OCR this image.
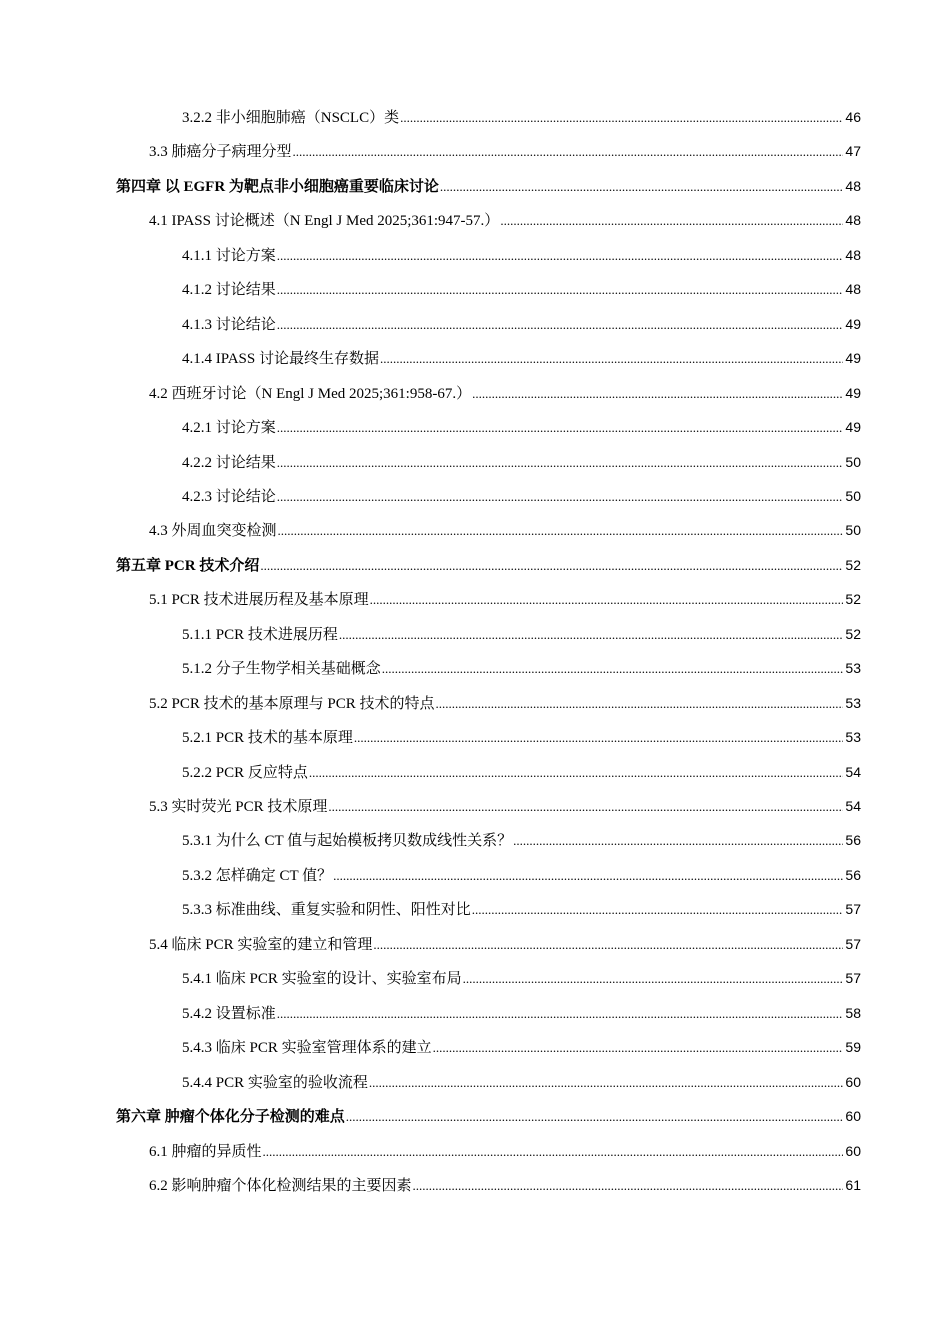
3.2.2 非小细胞肺癌（NSCLC）类 .....	46
3.3 肺癌分子病理分型 .....	47
第四章 以 EGFR 为靶点非小细胞癌重要临床讨论 .....	48
4.1 IPASS 讨论概述（N Engl J Med 2025;361:947-57.） .....	48
4.1.1 讨论方案 .....	48
4.1.2 讨论结果 .....	48
4.1.3 讨论结论 .....	49
4.1.4 IPASS 讨论最终生存数据 .....	49
4.2 西班牙讨论（N Engl J Med 2025;361:958-67.） .....	49
4.2.1 讨论方案 .....	49
4.2.2 讨论结果 .....	50
4.2.3 讨论结论 .....	50
4.3 外周血突变检测 .....	50
第五章 PCR 技术介绍 .....	52
5.1 PCR 技术进展历程及基本原理 .....	52
5.1.1 PCR 技术进展历程 .....	52
5.1.2 分子生物学相关基础概念 .....	53
5.2 PCR 技术的基本原理与 PCR 技术的特点 .....	53
5.2.1 PCR 技术的基本原理 .....	53
5.2.2 PCR 反应特点 .....	54
5.3 实时荧光 PCR 技术原理 .....	54
5.3.1 为什么 CT 值与起始模板拷贝数成线性关系？ .....	56
5.3.2 怎样确定 CT 值？ .....	56
5.3.3 标准曲线、重复实验和阴性、阳性对比 .....	57
5.4 临床 PCR 实验室的建立和管理 .....	57
5.4.1 临床 PCR 实验室的设计、实验室布局 .....	57
5.4.2 设置标准 .....	58
5.4.3 临床 PCR 实验室管理体系的建立 .....	59
5.4.4 PCR 实验室的验收流程 .....	60
第六章 肿瘤个体化分子检测的难点 .....	60
6.1 肿瘤的异质性 .....	60
6.2 影响肿瘤个体化检测结果的主要因素 .....	61
